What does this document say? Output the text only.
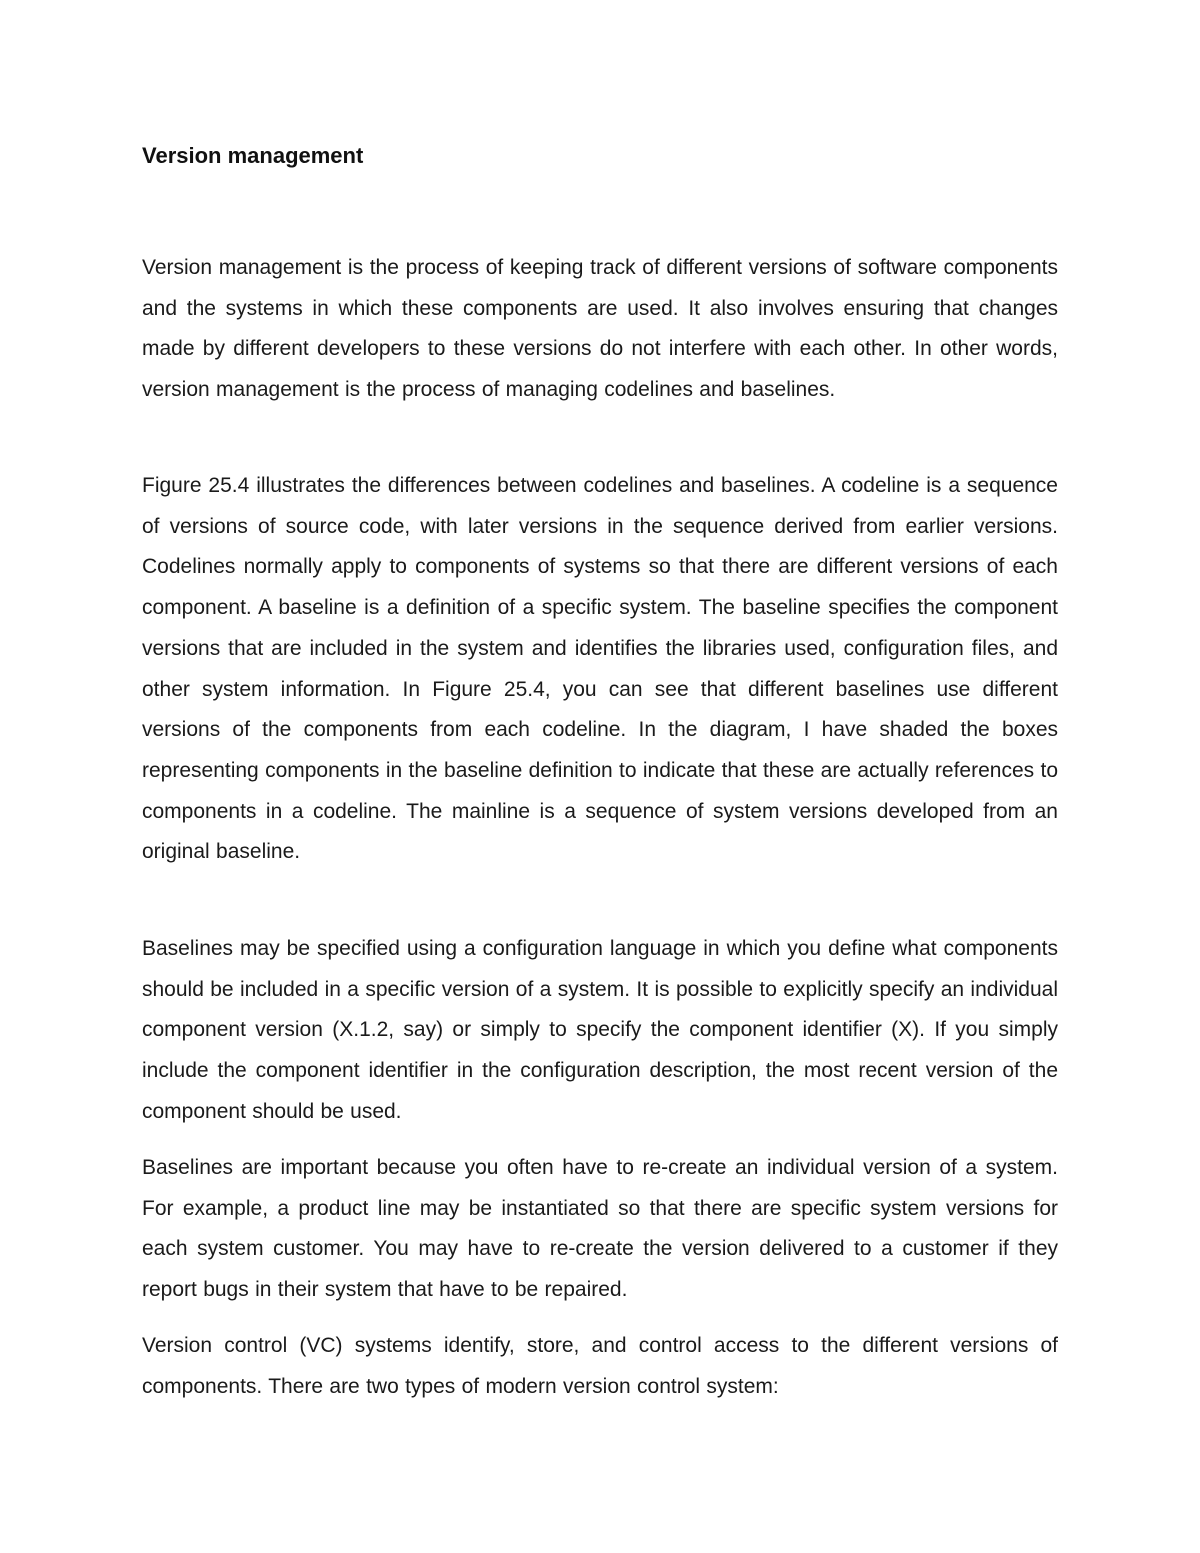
Version management

Version management is the process of keeping track of different versions of software components and the systems in which these components are used. It also involves ensuring that changes made by different developers to these versions do not interfere with each other. In other words, version management is the process of managing codelines and baselines.

Figure 25.4 illustrates the differences between codelines and baselines. A codeline is a sequence of versions of source code, with later versions in the sequence derived from earlier versions. Codelines normally apply to components of systems so that there are different versions of each component. A baseline is a definition of a specific system. The baseline specifies the component versions that are included in the system and identifies the libraries used, configuration files, and other system information. In Figure 25.4, you can see that different baselines use different versions of the components from each codeline. In the diagram, I have shaded the boxes representing components in the baseline definition to indicate that these are actually references to components in a codeline. The mainline is a sequence of system versions developed from an original baseline.

Baselines may be specified using a configuration language in which you define what components should be included in a specific version of a system. It is possible to explicitly specify an individual component version (X.1.2, say) or simply to specify the component identifier (X). If you simply include the component identifier in the configuration description, the most recent version of the component should be used.

Baselines are important because you often have to re-create an individual version of a system. For example, a product line may be instantiated so that there are specific system versions for each system customer. You may have to re-create the version delivered to a customer if they report bugs in their system that have to be repaired.

Version control (VC) systems identify, store, and control access to the different versions of components. There are two types of modern version control system:
